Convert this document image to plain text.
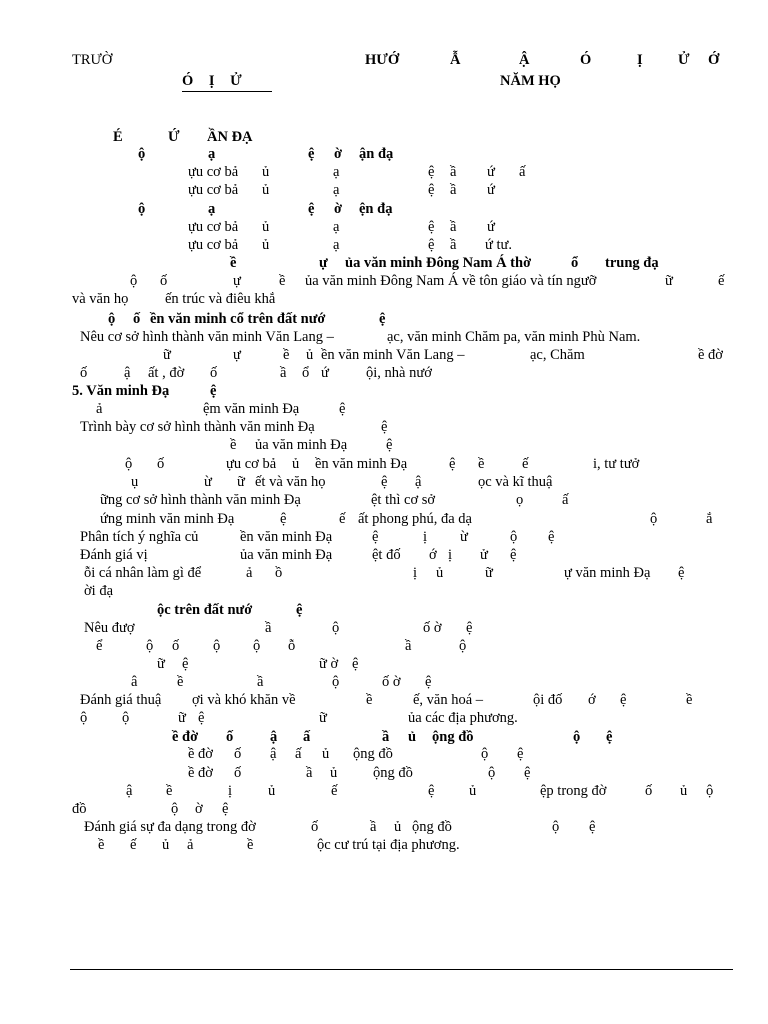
TRƯỜ	HƯỚ	Ẫ	Ậ	Ó	Ị Ử Ớ
Ó Ị Ử	NĂM HỌ
É	Ứ ẦN ĐẠ
ộ	ạ	ệ ờ ận đạ
ựu cơ bả ủ	ạ	ệ ầ ứ ấ
ựu cơ bả ủ	ạ	ệ ầ ứ
ộ	ạ	ệ ờ ện đạ
ựu cơ bả ủ	ạ	ệ ầ ứ
ựu cơ bả ủ	ạ	ệ ầ ứ tư.
ề	ự ủa văn minh Đông Nam Á thờ	ổ trung đạ
ộ ố	ự	ề ủa văn minh Đông Nam Á về tôn giáo và tín ngưỡ	ữ	ế
và văn họ	ến trúc và điêu khắ
ộ ố ền văn minh cổ trên đất nướ	ệ
Nêu cơ sở hình thành văn minh Văn Lang –	ạc, văn minh Chăm pa, văn minh Phù Nam.
ữ	ự	ề ủ ền văn minh Văn Lang –	ạc, Chăm	ề đờ
ố	ậ ất , đờ ố	ầ ổ ứ	ội, nhà nướ
5. Văn minh Đạ	ệ
ả	ệm văn minh Đạ	ệ
Trình bày cơ sở hình thành văn minh Đạ	ệ
ề ủa văn minh Đạ	ệ
ộ ố	ựu cơ bả ủ ền văn minh Đạ	ệ ề	ế	i, tư tưở
ụ	ừ ữ ết và văn họ	ệ ậ	ọc và kĩ thuậ
ững cơ sở hình thành văn minh Đạ	ệt thì cơ sở	ọ	ấ
ứng minh văn minh Đạ	ệ	ế ất phong phú, đa dạ	ộ	ắ
Phân tích ý nghĩa củ	ền văn minh Đạ	ệ	ị ừ	ộ ệ
Đánh giá vị	ủa văn minh Đạ	ệt đố ớ ị ử ệ
ỗi cá nhân làm gì để	ả ồ	ị ủ	ữ	ự văn minh Đạ ệ
ời đạ
ộc trên đất nướ	ệ
Nêu đượ	ầ	ộ	ố ờ ệ
ể	ộ ố ộ ộ ỗ	ầ	ộ
ữ ệ	ữ ờ ệ
â	ề	ầ	ộ	ố ờ ệ
Đánh giá thuậ ợi và khó khăn về	ề	ế, văn hoá –	ội đố ớ ệ	ề
ộ ộ	ữ ệ	ữ	ủa các địa phương.
ề đờ ố	ậ ấ	ầ ủ ộng đồ	ộ ệ
ề đờ ố ậ ấ ủ ộng đồ	ộ ệ
ề đờ ố	ầ ủ ộng đồ	ộ ệ
ậ ề	ị ủ	ế	ệ ủ	ệp trong đờ	ố ủ ộ
đồ	ộ ờ ệ
Đánh giá sự đa dạng trong đờ	ố	ầ ủ ộng đồ	ộ ệ
ề ế ủ ả	ề	ộc cư trú tại địa phương.
